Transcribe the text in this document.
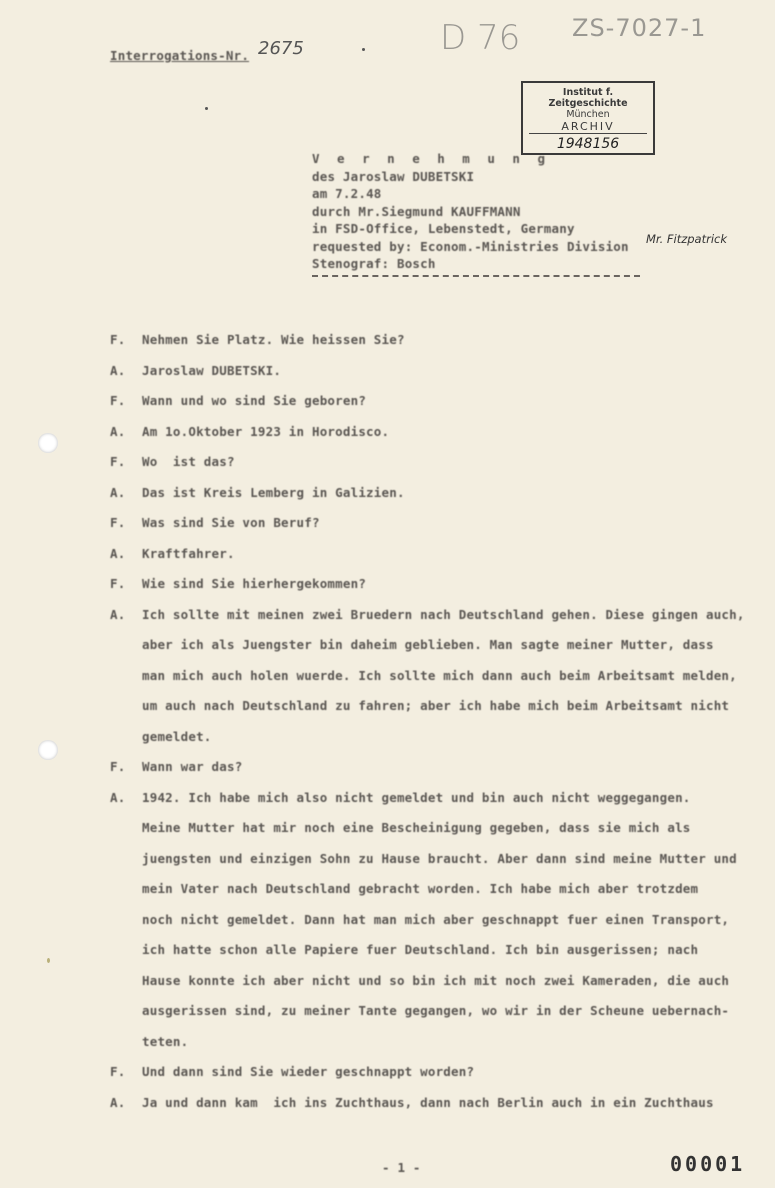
D 76 ZS-7027-1
Interrogations-Nr. 2675
Institut f. Zeitgeschichte
München
ARCHIV
1948156
V e r n e h m u n g
des Jaroslaw DUBETSKI
am 7.2.48
durch Mr.Siegmund KAUFFMANN
in FSD-Office, Lebenstedt, Germany
requested by: Econom.-Ministries Division
Stenograf: Bosch
Mr. Fitzpatrick
F.	Nehmen Sie Platz. Wie heissen Sie?
A.	Jaroslaw DUBETSKI.
F.	Wann und wo sind Sie geboren?
A.	Am 1o.Oktober 1923 in Horodisco.
F.	Wo  ist das?
A.	Das ist Kreis Lemberg in Galizien.
F.	Was sind Sie von Beruf?
A.	Kraftfahrer.
F.	Wie sind Sie hierhergekommen?
A.	Ich sollte mit meinen zwei Bruedern nach Deutschland gehen. Diese gingen auch,
aber ich als Juengster bin daheim geblieben. Man sagte meiner Mutter, dass
man mich auch holen wuerde. Ich sollte mich dann auch beim Arbeitsamt melden,
um auch nach Deutschland zu fahren; aber ich habe mich beim Arbeitsamt nicht
gemeldet.
F.	Wann war das?
A.	1942. Ich habe mich also nicht gemeldet und bin auch nicht weggegangen.
Meine Mutter hat mir noch eine Bescheinigung gegeben, dass sie mich als
juengsten und einzigen Sohn zu Hause braucht. Aber dann sind meine Mutter und
mein Vater nach Deutschland gebracht worden. Ich habe mich aber trotzdem
noch nicht gemeldet. Dann hat man mich aber geschnappt fuer einen Transport,
ich hatte schon alle Papiere fuer Deutschland. Ich bin ausgerissen; nach
Hause konnte ich aber nicht und so bin ich mit noch zwei Kameraden, die auch
ausgerissen sind, zu meiner Tante gegangen, wo wir in der Scheune uebernach-
teten.
F.	Und dann sind Sie wieder geschnappt worden?
A.	Ja und dann kam  ich ins Zuchthaus, dann nach Berlin auch in ein Zuchthaus
- 1 -	00001
